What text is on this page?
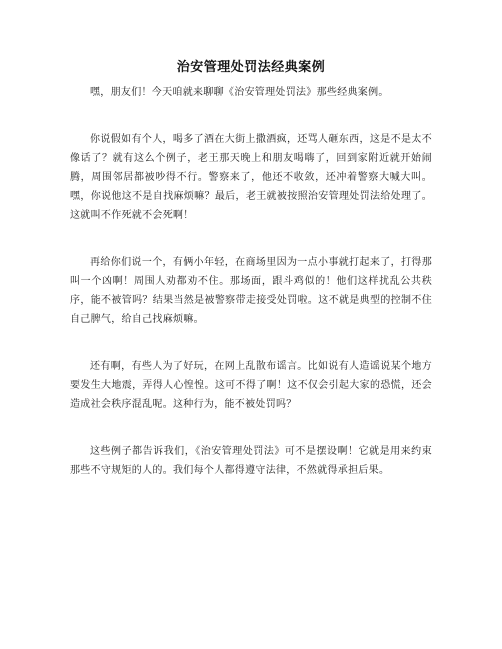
治安管理处罚法经典案例

嘿，朋友们！今天咱就来聊聊《治安管理处罚法》那些经典案例。

你说假如有个人，喝多了酒在大街上撒酒疯，还骂人砸东西，这是不是太不像话了？就有这么个例子，老王那天晚上和朋友喝嗨了，回到家附近就开始闹腾，周围邻居都被吵得不行。警察来了，他还不收敛，还冲着警察大喊大叫。嘿，你说他这不是自找麻烦嘛？最后，老王就被按照治安管理处罚法给处理了。这就叫不作死就不会死啊！

再给你们说一个，有俩小年轻，在商场里因为一点小事就打起来了，打得那叫一个凶啊！周围人劝都劝不住。那场面，跟斗鸡似的！他们这样扰乱公共秩序，能不被管吗？结果当然是被警察带走接受处罚啦。这不就是典型的控制不住自己脾气，给自己找麻烦嘛。

还有啊，有些人为了好玩，在网上乱散布谣言。比如说有人造谣说某个地方要发生大地震，弄得人心惶惶。这可不得了啊！这不仅会引起大家的恐慌，还会造成社会秩序混乱呢。这种行为，能不被处罚吗？

这些例子都告诉我们，《治安管理处罚法》可不是摆设啊！它就是用来约束那些不守规矩的人的。我们每个人都得遵守法律，不然就得承担后果。
